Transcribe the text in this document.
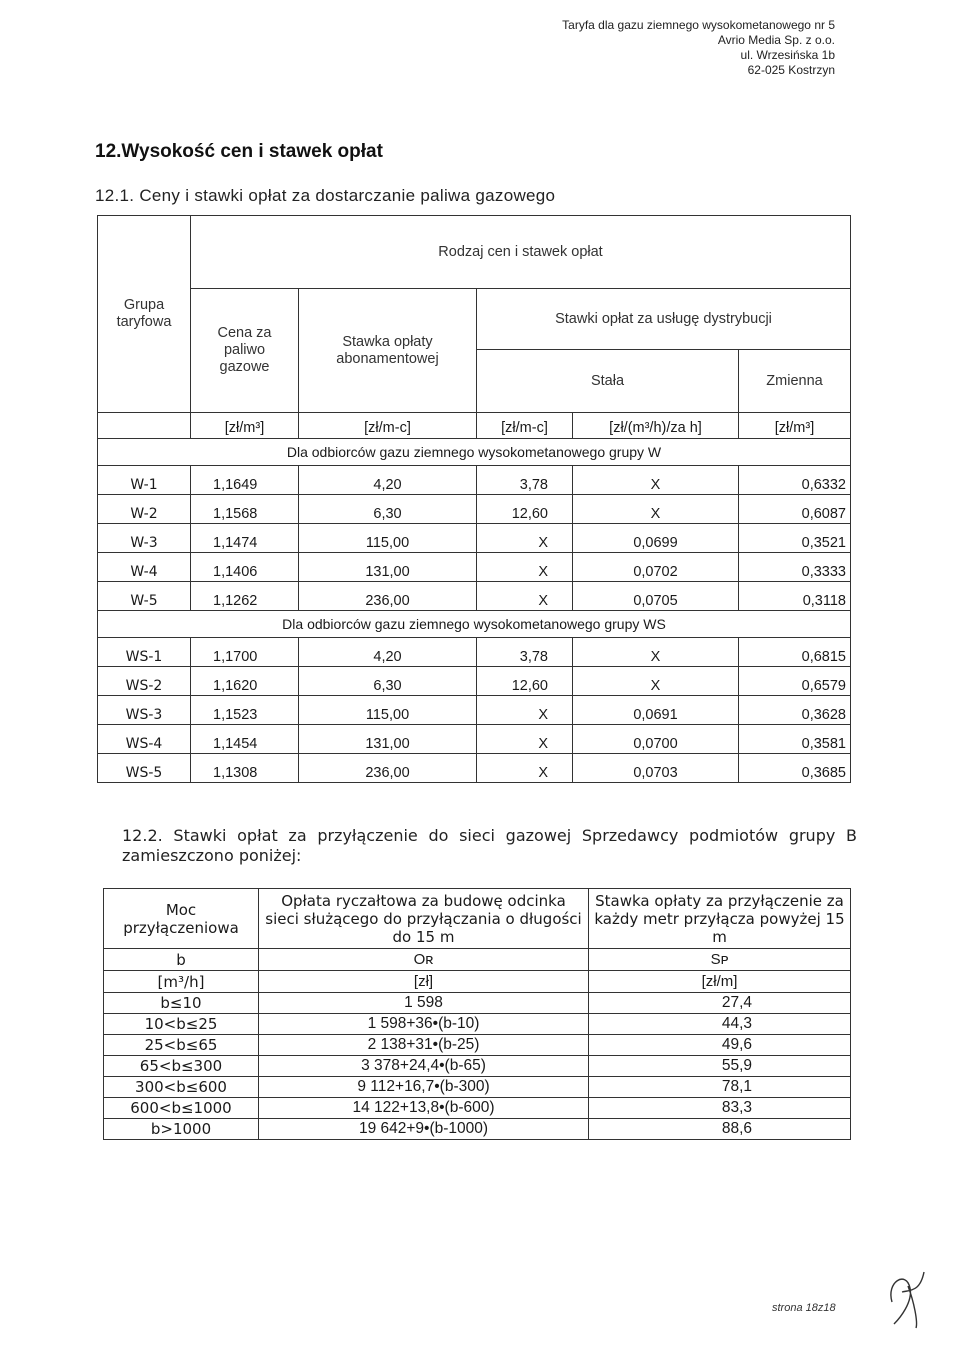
Taryfa dla gazu ziemnego wysokometanowego nr 5
Avrio Media Sp. z o.o.
ul. Wrzesińska 1b
62-025 Kostrzyn
12.Wysokość cen i stawek opłat
12.1. Ceny i stawki opłat za dostarczanie paliwa gazowego
Grupa taryfowa	Rodzaj cen i stawek opłat				
	Cena za paliwo gazowe	Stawka opłaty abonamentowej	Stawki opłat za usługę dystrybucji		
			Stała		Zmienna
	[zł/m³]	[zł/m-c]	[zł/m-c]	[zł/(m³/h)/za h]	[zł/m³]
Dla odbiorców gazu ziemnego wysokometanowego grupy W					
W-1	1,1649	4,20	3,78	X	0,6332
W-2	1,1568	6,30	12,60	X	0,6087
W-3	1,1474	115,00	X	0,0699	0,3521
W-4	1,1406	131,00	X	0,0702	0,3333
W-5	1,1262	236,00	X	0,0705	0,3118
Dla odbiorców gazu ziemnego wysokometanowego grupy WS					
WS-1	1,1700	4,20	3,78	X	0,6815
WS-2	1,1620	6,30	12,60	X	0,6579
WS-3	1,1523	115,00	X	0,0691	0,3628
WS-4	1,1454	131,00	X	0,0700	0,3581
WS-5	1,1308	236,00	X	0,0703	0,3685
12.2. Stawki opłat za przyłączenie do sieci gazowej Sprzedawcy podmiotów grupy B zamieszczono poniżej:
Moc przyłączeniowa	Opłata ryczałtowa za budowę odcinka sieci służącego do przyłączania o długości do 15 m	Stawka opłaty za przyłączenie za każdy metr przyłącza powyżej 15 m
b	Oʀ	Sᴘ
[m³/h]	[zł]	[zł/m]
b≤10	1 598	27,4
10<b≤25	1 598+36•(b-10)	44,3
25<b≤65	2 138+31•(b-25)	49,6
65<b≤300	3 378+24,4•(b-65)	55,9
300<b≤600	9 112+16,7•(b-300)	78,1
600<b≤1000	14 122+13,8•(b-600)	83,3
b>1000	19 642+9•(b-1000)	88,6
strona 18z18
